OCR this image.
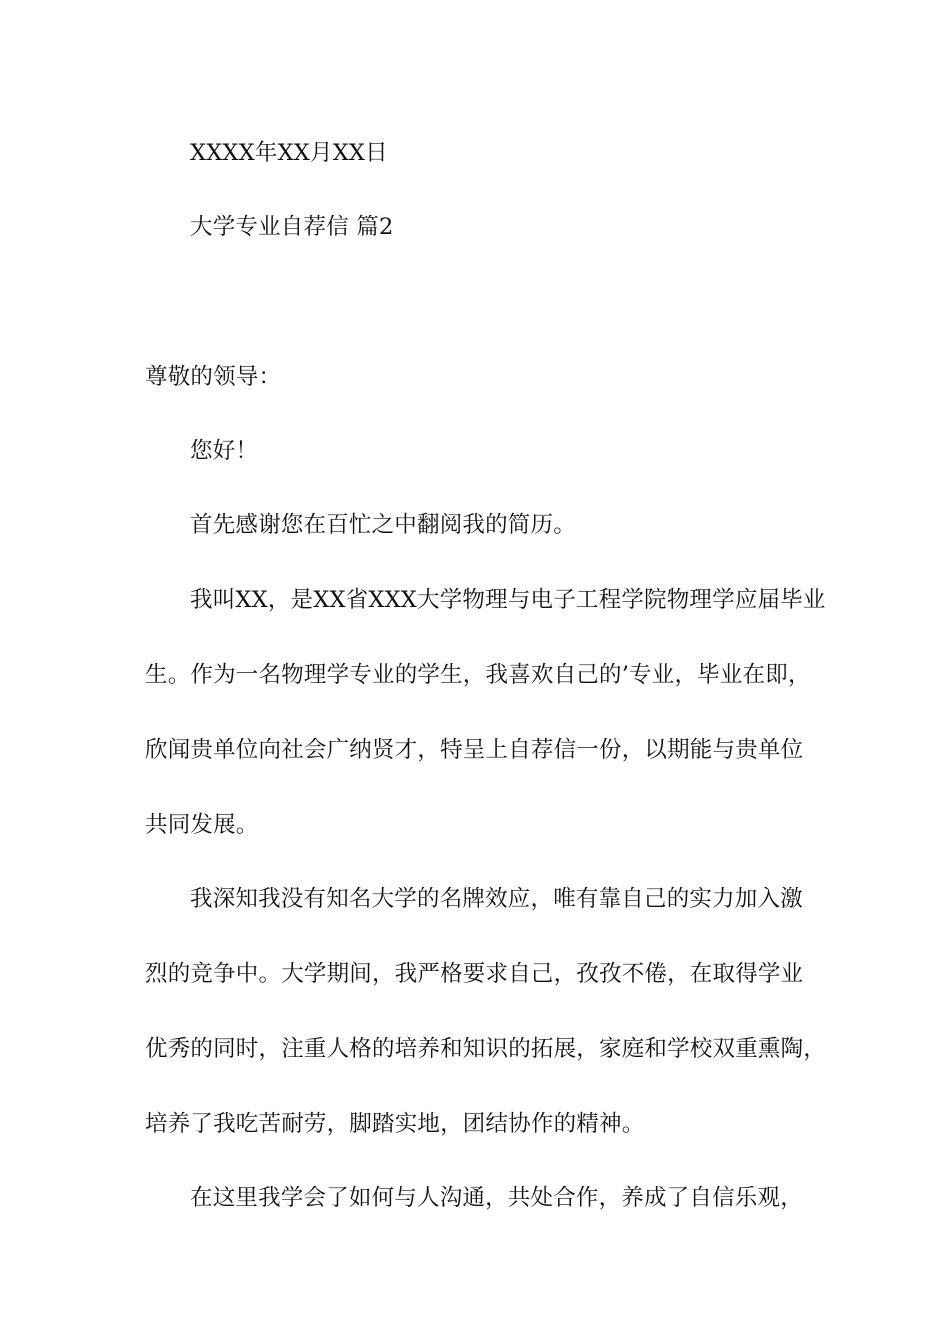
XXXX年XX月XX日
大学专业自荐信 篇2
尊敬的领导：
您好！
首先感谢您在百忙之中翻阅我的简历。
我叫XX，是XX省XXX大学物理与电子工程学院物理学应届毕业
生。作为一名物理学专业的学生，我喜欢自己的’专业，毕业在即，
欣闻贵单位向社会广纳贤才，特呈上自荐信一份，以期能与贵单位
共同发展。
我深知我没有知名大学的名牌效应，唯有靠自己的实力加入激
烈的竞争中。大学期间，我严格要求自己，孜孜不倦，在取得学业
优秀的同时，注重人格的培养和知识的拓展，家庭和学校双重熏陶，
培养了我吃苦耐劳，脚踏实地，团结协作的精神。
在这里我学会了如何与人沟通，共处合作，养成了自信乐观，
